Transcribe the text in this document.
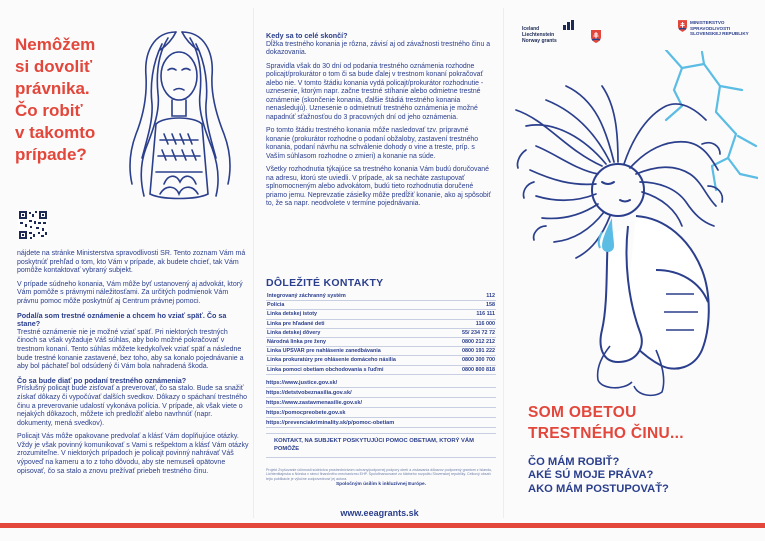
Nemôžem
si dovoliť
právnika.
Čo robiť
v takomto
prípade?

nájdete na stránke Ministerstva spravodlivosti SR. Tento zoznam Vám má poskytnúť prehľad o tom, kto Vám v prípade, ak budete chcieť, tak Vám pomôže kontaktovať vybraný subjekt.

V prípade súdneho konania, Vám môže byť ustanovený aj advokát, ktorý Vám pomôže s právnymi náležitosťami. Za určitých podmienok Vám právnu pomoc môže poskytnúť aj Centrum právnej pomoci.

Podal/a som trestné oznámenie a chcem ho vziať späť. Čo sa stane?

Trestné oznámenie nie je možné vziať späť. Pri niektorých trestných činoch sa však vyžaduje Váš súhlas, aby bolo možné pokračovať v trestnom konaní. Tento súhlas môžete kedykoľvek vziať späť a následne bude trestné konanie zastavené, bez toho, aby sa konalo pojednávanie a aby bol páchateľ bol odsúdený či Vám bola nahradená škoda.

Čo sa bude diať po podaní trestného oznámenia?

Príslušný policajt bude zisťovať a preverovať, čo sa stalo. Bude sa snažiť získať dôkazy či vypočúvať dalších svedkov. Dôkazy o spáchaní trestného činu a preverovanie udalostí vykonáva polícia. V prípade, ak však viete o nejakých dôkazoch, môžete ich predložiť alebo navrhnúť (napr. dokumenty, mená svedkov).

Policajt Vás môže opakovane predvolať a klásť Vám doplňujúce otázky. Vždy je však povinný komunikovať s Vami s rešpektom a klásť Vám otázky zrozumiteľne. V niektorých prípadoch je policajt povinný nahrávať Váš výpoveď na kameru a to z toho dôvodu, aby ste nemuseli opätovne opisovať, čo sa stalo a znovu prežívať priebeh trestného činu.

Kedy sa to celé skončí?

Dĺžka trestného konania je rôzna, závisí aj od závažnosti trestného činu a dokazovania.

Spravidla však do 30 dní od podania trestného oznámenia rozhodne policajt/prokurátor o tom či sa bude ďalej v trestnom konaní pokračovať alebo nie. V tomto štádiu konania vydá policajt/prokurátor rozhodnutie - uznesenie, ktorým napr. začne trestné stíhanie alebo odmietne trestné oznámenie (skončenie konania, ďalšie štádiá trestného konania nenasledujú). Uznesenie o odmietnutí trestného oznámenia je možné napadnúť sťažnosťou do 3 pracovných dní od jeho oznámenia.

Po tomto štádiu trestného konania môže nasledovať tzv. prípravné konanie (prokurátor rozhodne o podaní obžaloby, zastavení trestného konania, podaní návrhu na schválenie dohody o vine a treste, príp. s Vaším súhlasom rozhodne o zmieri) a konanie na súde.

Všetky rozhodnutia týkajúce sa trestného konania Vám budú doručované na adresu, ktorú ste uviedli. V prípade, ak sa necháte zastupovať splnomocneným alebo advokátom, budú tieto rozhodnutia doručené priamo jemu. Neprevzatie zásielky môže predĺžiť konanie, ako aj spôsobiť to, že sa napr. neodvolete v termíne pojednávania.

DÔLEŽITÉ KONTAKTY
Integrovaný záchranný systém	112
Polícia	158
Linka detskej istoty	116 111
Linka pre hľadané deti	116 000
Linka detskej dôvery	55/ 234 72 72
Národná linka pre ženy	0800 212 212
Linka UPSVAR pre nahlásenie zanedbávania	0800 191 222
Linka prokuratúry pre ohlásenie domáceho násilia	0800 300 700
Linka pomoci obetiam obchodovania s ľuďmi	0800 800 818
https://www.justice.gov.sk/
https://detstvobeznasilia.gov.sk/
https://www.zastavmenasilie.gov.sk/
https://pomocpreobete.gov.sk
https://prevenciakriminality.sk/p/pomoc-obetiam
KONTAKT, NA SUBJEKT POSKYTUJÚCI POMOC OBETIAM, KTORÝ VÁM POMÔŽE
Projekt Zvyšovanie účinnosti súdnictva prostredníctvom ochrany/podpornej podpory obetí a získavania dôkazov podporený grantom z Islandu, Lichtenštajnska a Nórska v rámci finančného mechanizmu EHP. Spolufinancované zo štátneho rozpočtu Slovenskej republiky. Celkový obsah tejto publikácie je výlučne zodpovednosť jej autora.
Spoločným úsilím k inkluzívnej Európe.
www.eeagrants.sk
Iceland
Liechtenstein
Norway grants
MINISTERSTVO
SPRAVODLIVOSTI
SLOVENSKEJ REPUBLIKY
SOM OBETOU
TRESTNÉHO ČINU...
ČO MÁM ROBIŤ?
AKÉ SÚ MOJE PRÁVA?
AKO MÁM POSTUPOVAŤ?
